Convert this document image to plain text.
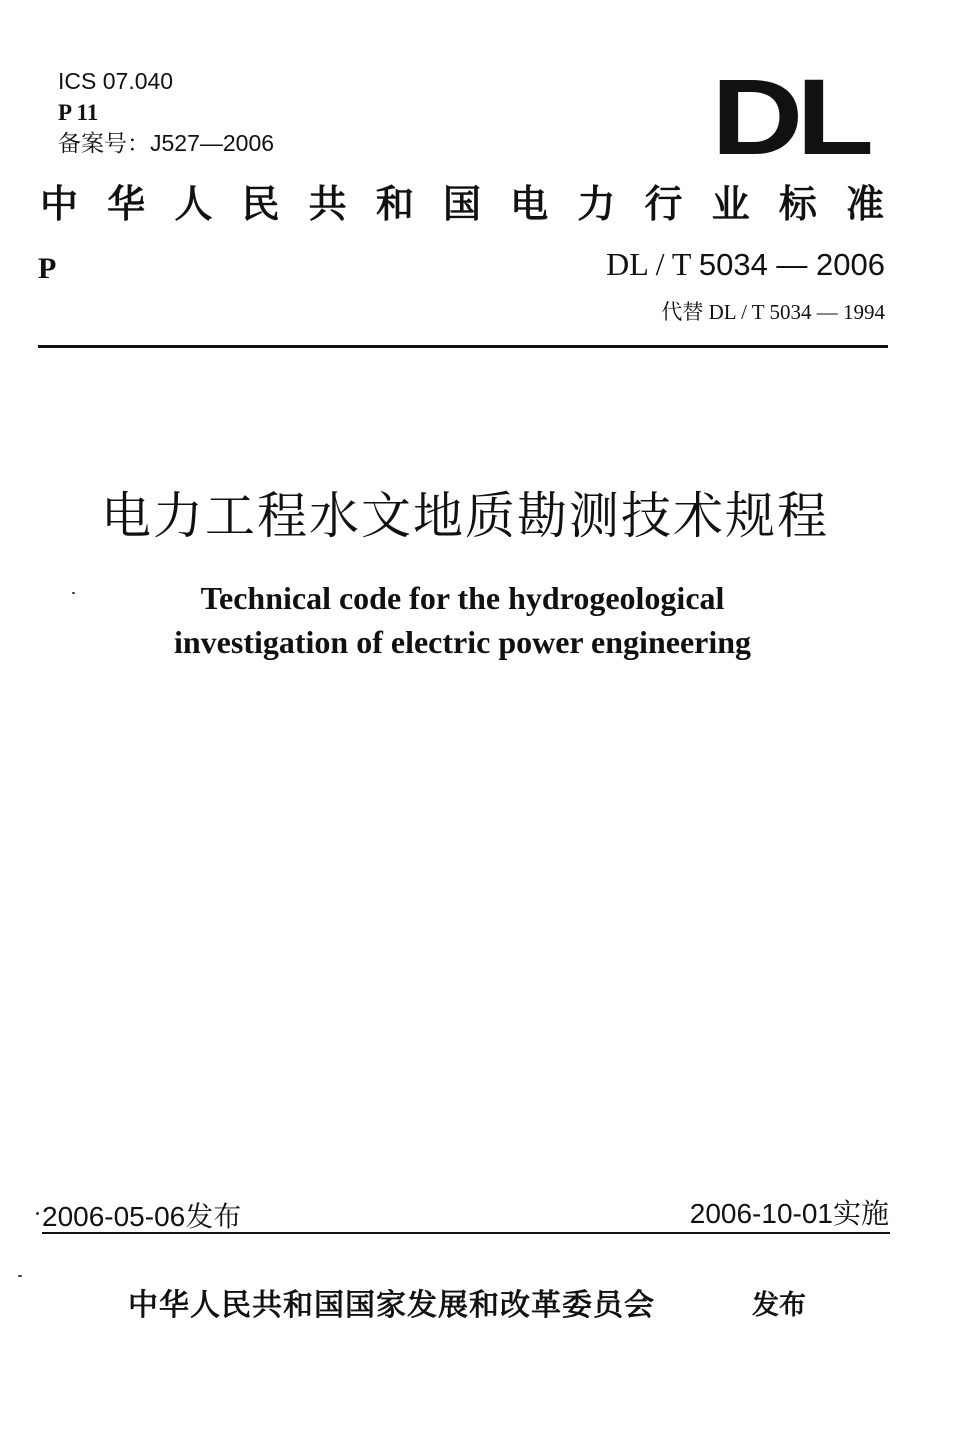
ICS 07.040
P 11
备案号：J527—2006	DL
中华人民共和国电力行业标准
P	DL / T 5034 — 2006
代替 DL / T 5034 — 1994
电力工程水文地质勘测技术规程
Technical code for the hydrogeological
investigation of electric power engineering
2006-05-06发布	2006-10-01实施
中华人民共和国国家发展和改革委员会	发布
